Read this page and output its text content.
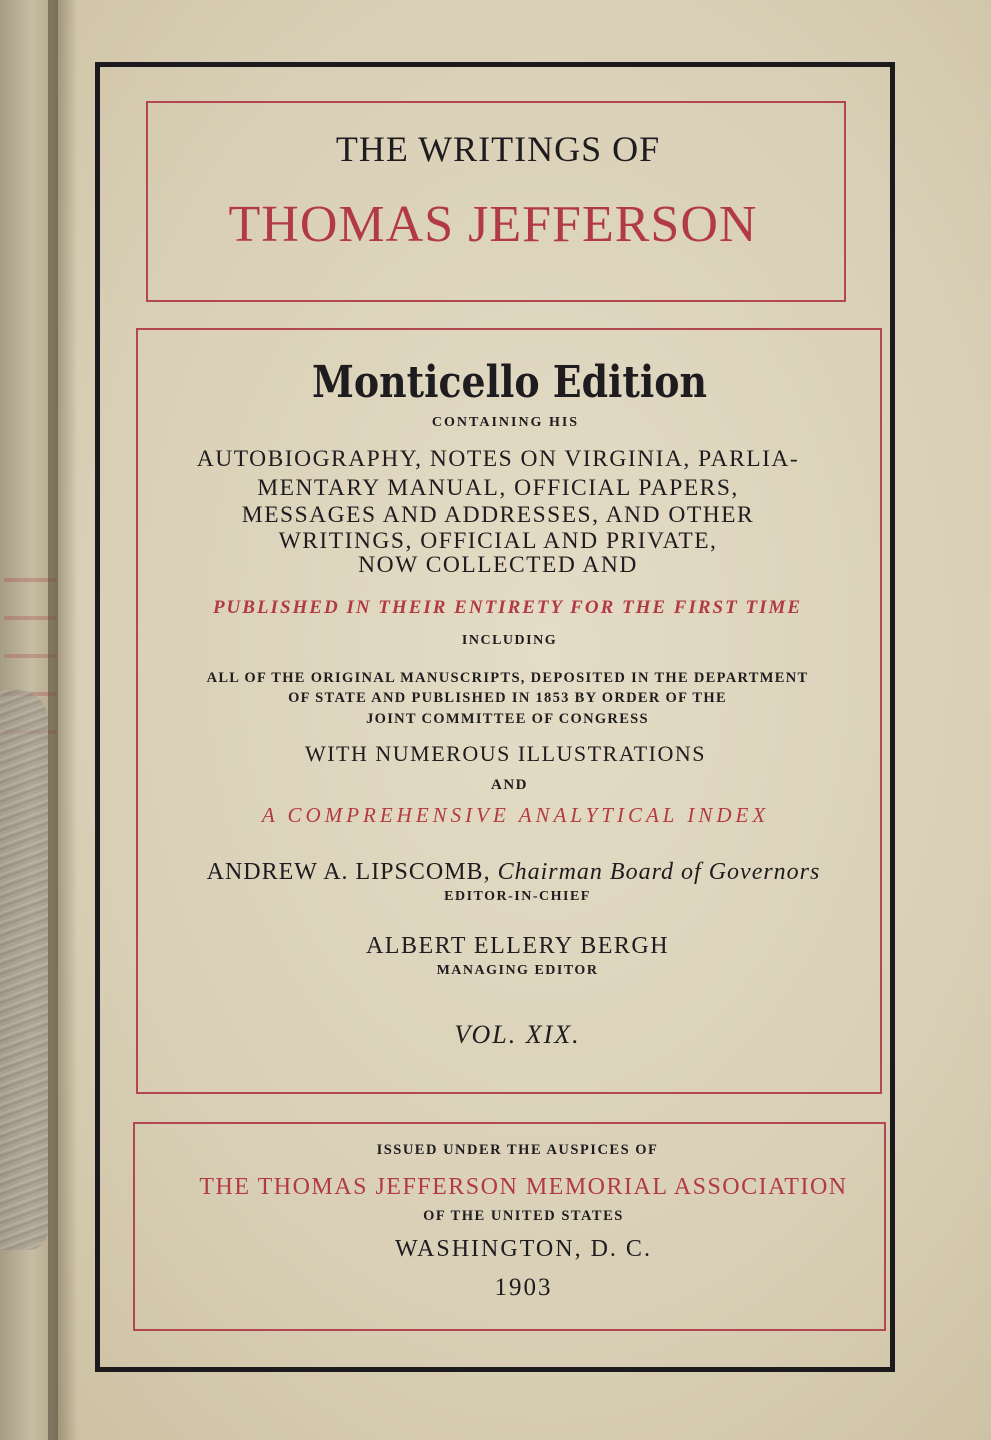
THE WRITINGS OF
THOMAS JEFFERSON
Monticello Edition
CONTAINING HIS
AUTOBIOGRAPHY, NOTES ON VIRGINIA, PARLIA-
MENTARY MANUAL, OFFICIAL PAPERS,
MESSAGES AND ADDRESSES, AND OTHER
WRITINGS, OFFICIAL AND PRIVATE,
NOW COLLECTED AND
PUBLISHED IN THEIR ENTIRETY FOR THE FIRST TIME
INCLUDING
ALL OF THE ORIGINAL MANUSCRIPTS, DEPOSITED IN THE DEPARTMENT
OF STATE AND PUBLISHED IN 1853 BY ORDER OF THE
JOINT COMMITTEE OF CONGRESS
WITH NUMEROUS ILLUSTRATIONS
AND
A COMPREHENSIVE ANALYTICAL INDEX
ANDREW A. LIPSCOMB, Chairman Board of Governors
EDITOR-IN-CHIEF
ALBERT ELLERY BERGH
MANAGING EDITOR
VOL. XIX.
ISSUED UNDER THE AUSPICES OF
THE THOMAS JEFFERSON MEMORIAL ASSOCIATION
OF THE UNITED STATES
WASHINGTON, D. C.
1903
